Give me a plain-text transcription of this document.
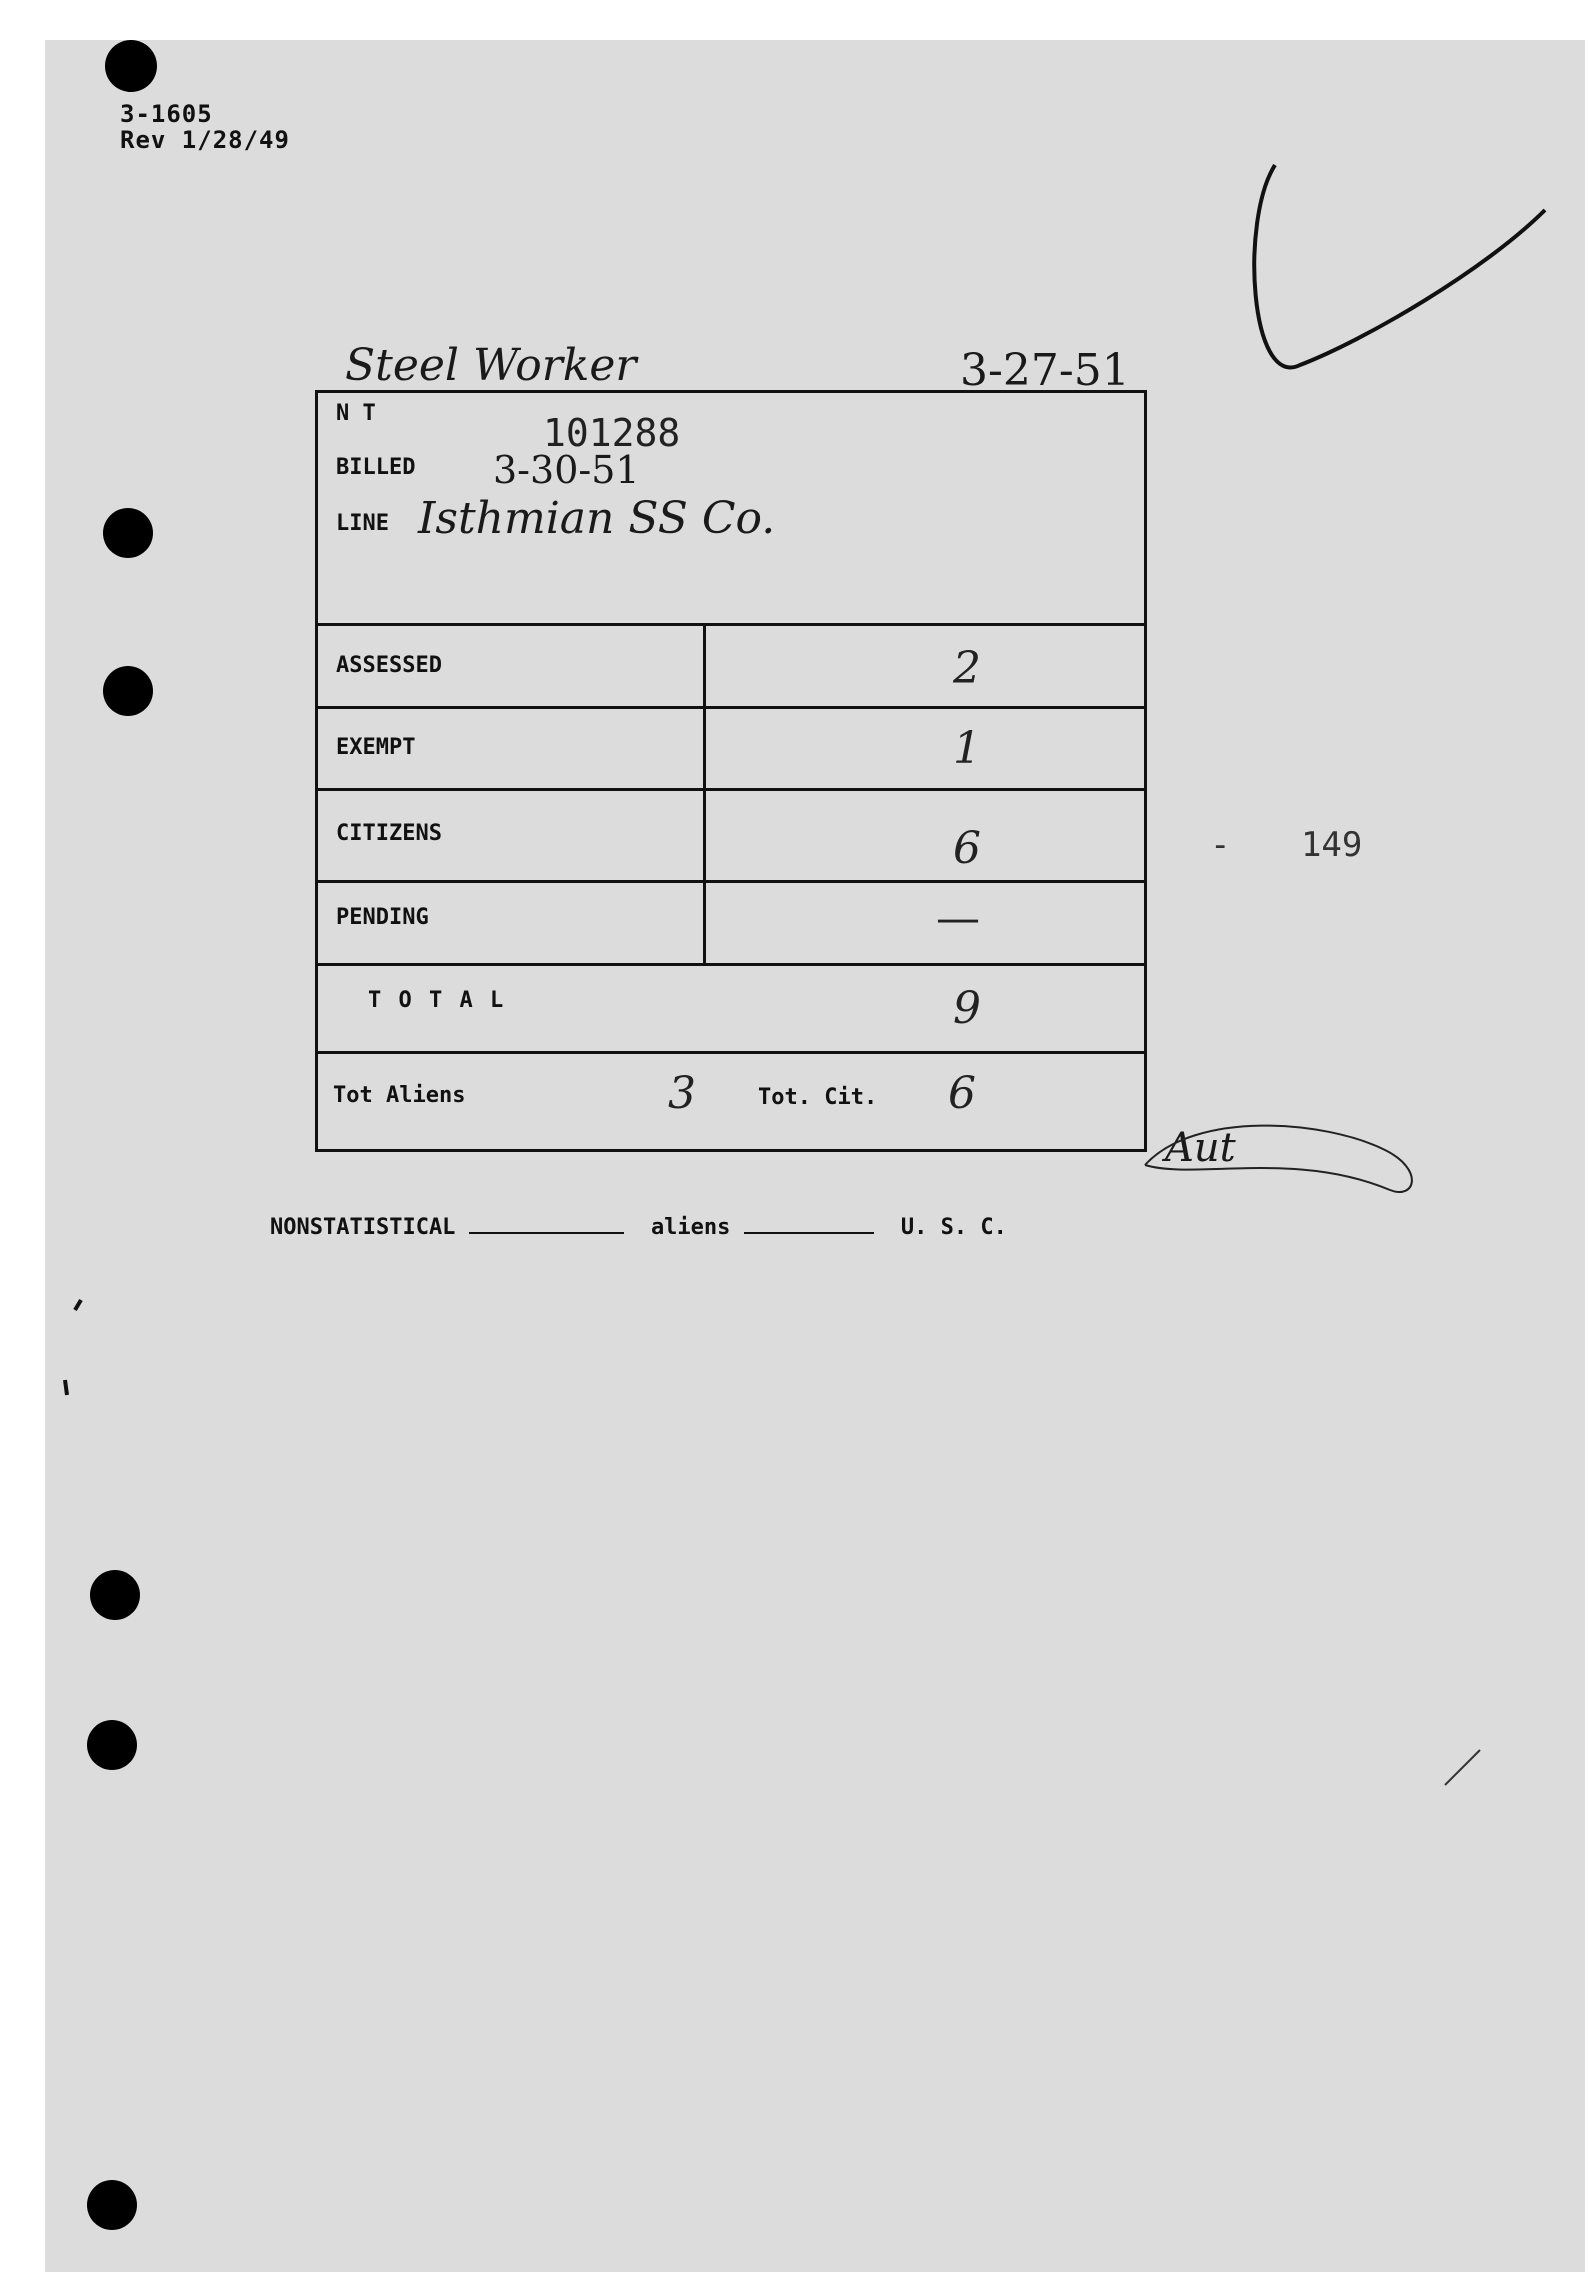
3-1605
Rev 1/28/49
Steel Worker	3-27-51
N T	101288
BILLED 3-30-51
LINE Isthmian SS Co.
ASSESSED	2
EXEMPT	1
CITIZENS	6
PENDING	—
T O T A L	9
Tot Aliens	3	Tot. Cit. 6
- 149
Aut
NONSTATISTICAL	aliens	U. S. C.
